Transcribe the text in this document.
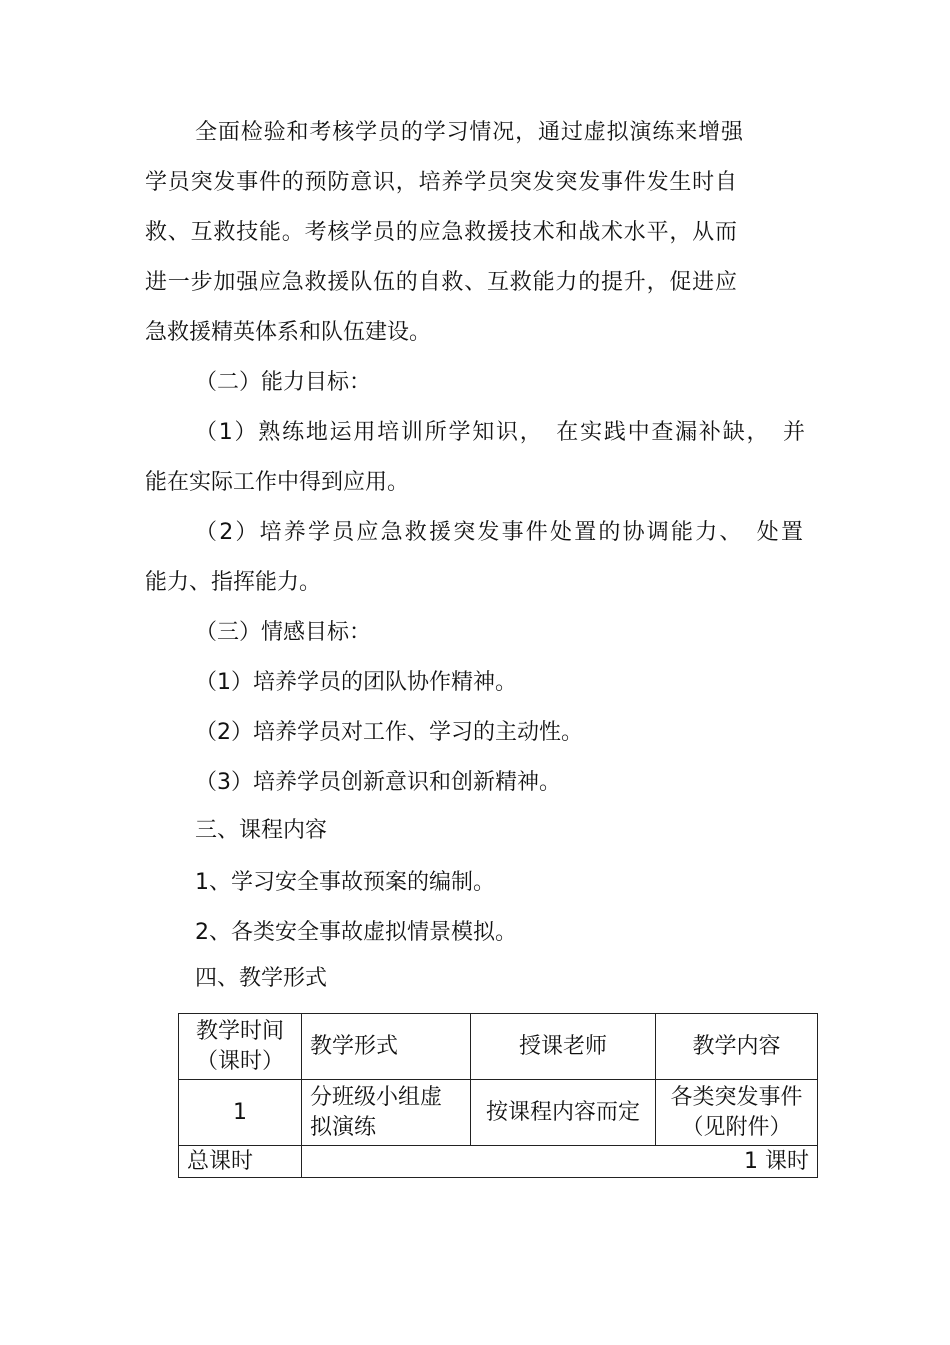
全面检验和考核学员的学习情况，通过虚拟演练来增强
学员突发事件的预防意识，培养学员突发突发事件发生时自
救、互救技能。考核学员的应急救援技术和战术水平，从而
进一步加强应急救援队伍的自救、互救能力的提升，促进应
急救援精英体系和队伍建设。
（二）能力目标：
（1）熟练地运用培训所学知识，　在实践中查漏补缺，　并
能在实际工作中得到应用。
（2）培养学员应急救援突发事件处置的协调能力、　处置
能力、指挥能力。
（三）情感目标：
（1）培养学员的团队协作精神。
（2）培养学员对工作、学习的主动性。
（3）培养学员创新意识和创新精神。
三、课程内容
1、学习安全事故预案的编制。
2、各类安全事故虚拟情景模拟。
四、教学形式
教学时间（课时）	教学形式	授课老师	教学内容
1	分班级小组虚拟演练	按课程内容而定	各类突发事件（见附件）
总课时	1 课时		
